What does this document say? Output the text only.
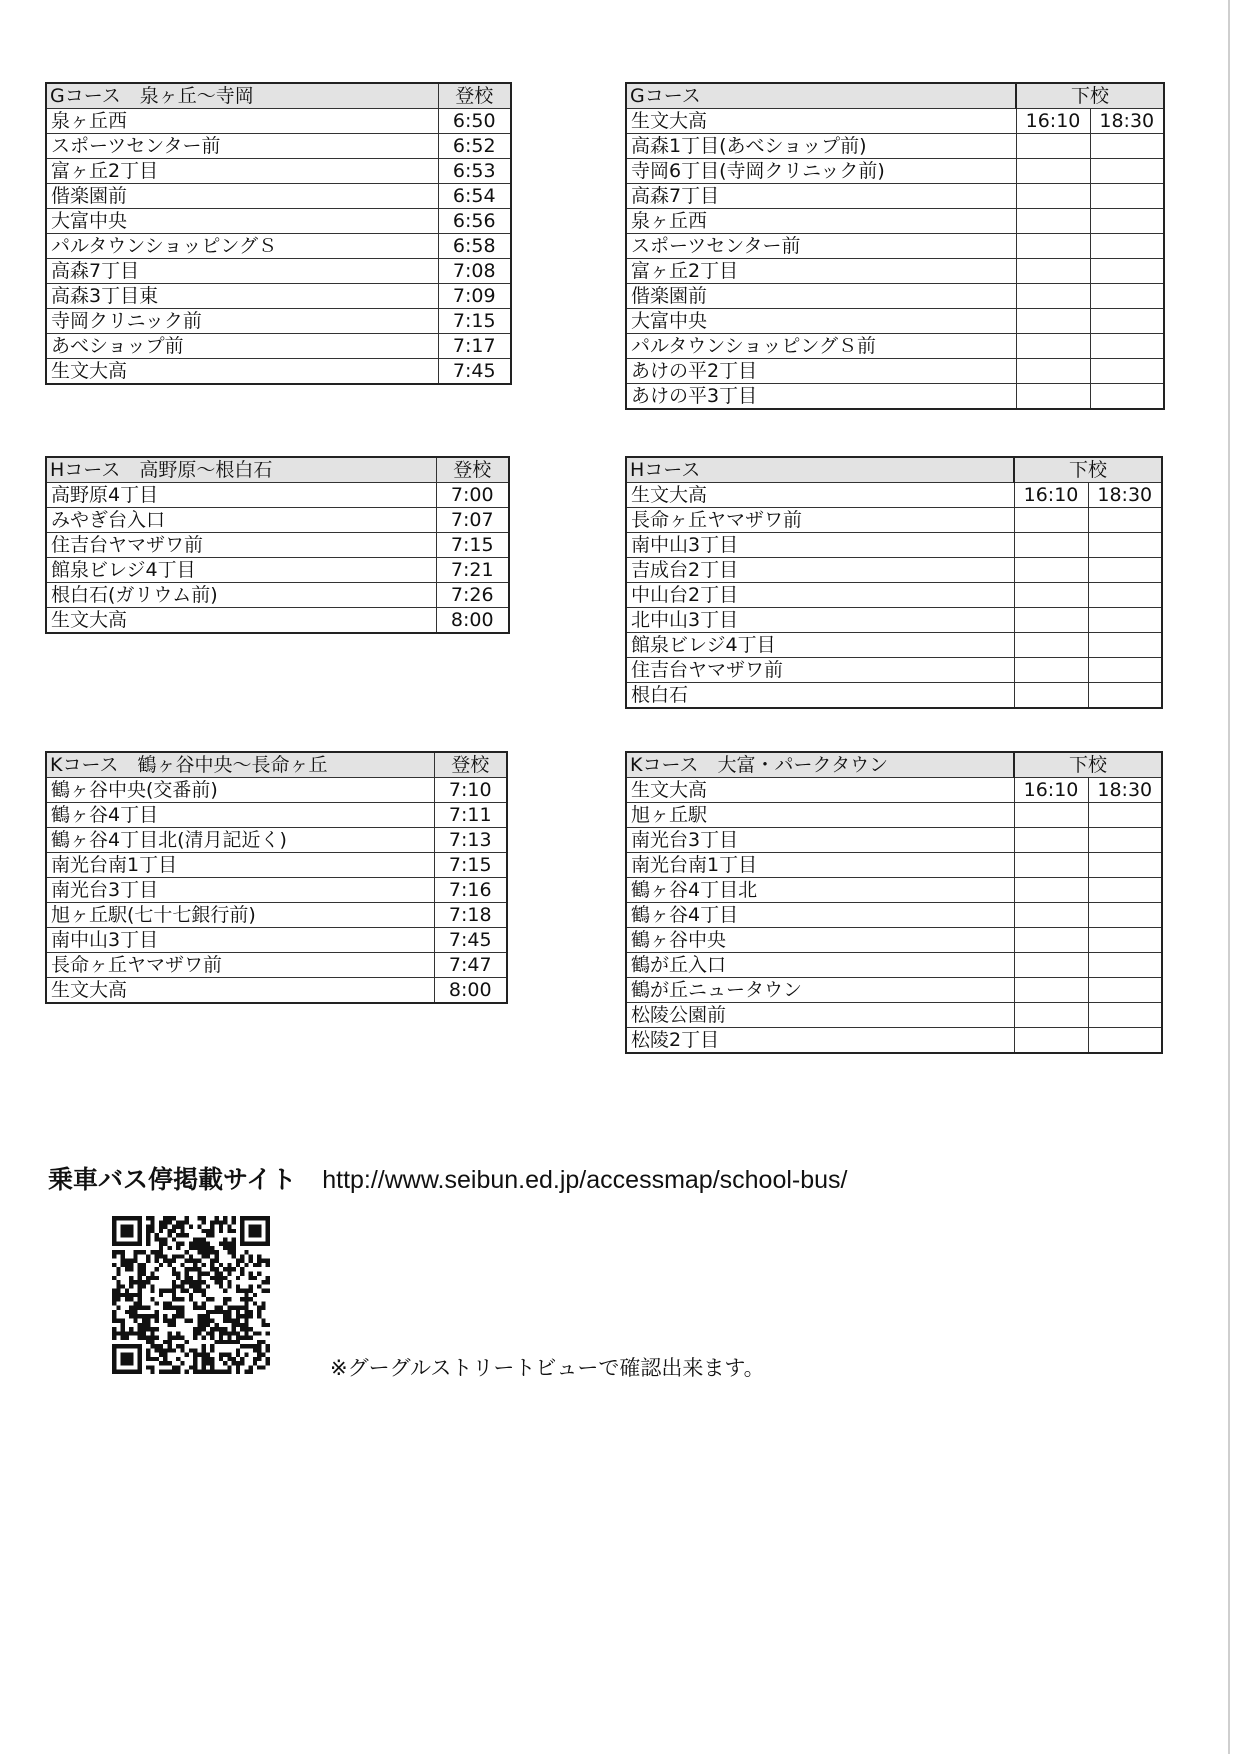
Gコース　泉ヶ丘～寺岡	登校
泉ヶ丘西	6:50
スポーツセンター前	6:52
富ヶ丘2丁目	6:53
偕楽園前	6:54
大富中央	6:56
パルタウンショッピングＳ	6:58
高森7丁目	7:08
高森3丁目東	7:09
寺岡クリニック前	7:15
あべショップ前	7:17
生文大高	7:45
Gコース	下校	
生文大高	16:10	18:30
高森1丁目(あべショップ前)		
寺岡6丁目(寺岡クリニック前)		
高森7丁目		
泉ヶ丘西		
スポーツセンター前		
富ヶ丘2丁目		
偕楽園前		
大富中央		
パルタウンショッピングＳ前		
あけの平2丁目		
あけの平3丁目		
Hコース　高野原～根白石	登校
高野原4丁目	7:00
みやぎ台入口	7:07
住吉台ヤマザワ前	7:15
館泉ビレジ4丁目	7:21
根白石(ガリウム前)	7:26
生文大高	8:00
Hコース	下校	
生文大高	16:10	18:30
長命ヶ丘ヤマザワ前		
南中山3丁目		
吉成台2丁目		
中山台2丁目		
北中山3丁目		
館泉ビレジ4丁目		
住吉台ヤマザワ前		
根白石		
Kコース　鶴ヶ谷中央～長命ヶ丘	登校
鶴ヶ谷中央(交番前)	7:10
鶴ヶ谷4丁目	7:11
鶴ヶ谷4丁目北(清月記近く)	7:13
南光台南1丁目	7:15
南光台3丁目	7:16
旭ヶ丘駅(七十七銀行前)	7:18
南中山3丁目	7:45
長命ヶ丘ヤマザワ前	7:47
生文大高	8:00
Kコース　大富・パークタウン	下校	
生文大高	16:10	18:30
旭ヶ丘駅		
南光台3丁目		
南光台南1丁目		
鶴ヶ谷4丁目北		
鶴ヶ谷4丁目		
鶴ヶ谷中央		
鶴が丘入口		
鶴が丘ニュータウン		
松陵公園前		
松陵2丁目		
乗車バス停掲載サイト http://www.seibun.ed.jp/accessmap/school-bus/
※グーグルストリートビューで確認出来ます。
